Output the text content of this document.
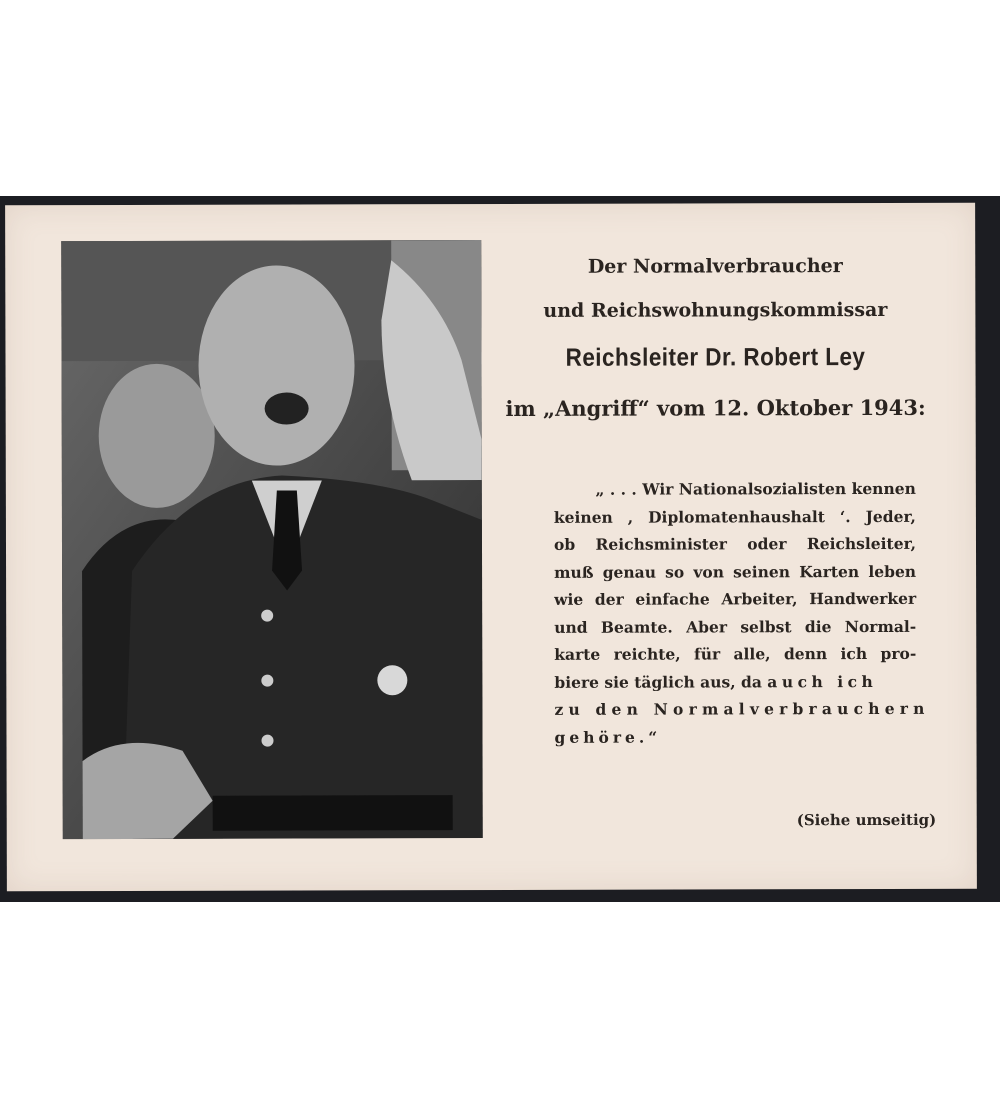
Der Normalverbraucher
und Reichswohnungskommissar
Reichsleiter Dr. Robert Ley
im „Angriff“ vom 12. Oktober 1943:
„ . . . Wir Nationalsozialisten kennen
keinen , Diplomatenhaushalt ‘. Jeder,
ob Reichsminister oder Reichsleiter,
muß genau so von seinen Karten leben
wie der einfache Arbeiter, Handwerker
und Beamte. Aber selbst die Normal-
karte reichte, für alle, denn ich pro-
biere sie täglich aus, da auch ich
zu den Normalverbrauchern
gehöre.“
(Siehe umseitig)
